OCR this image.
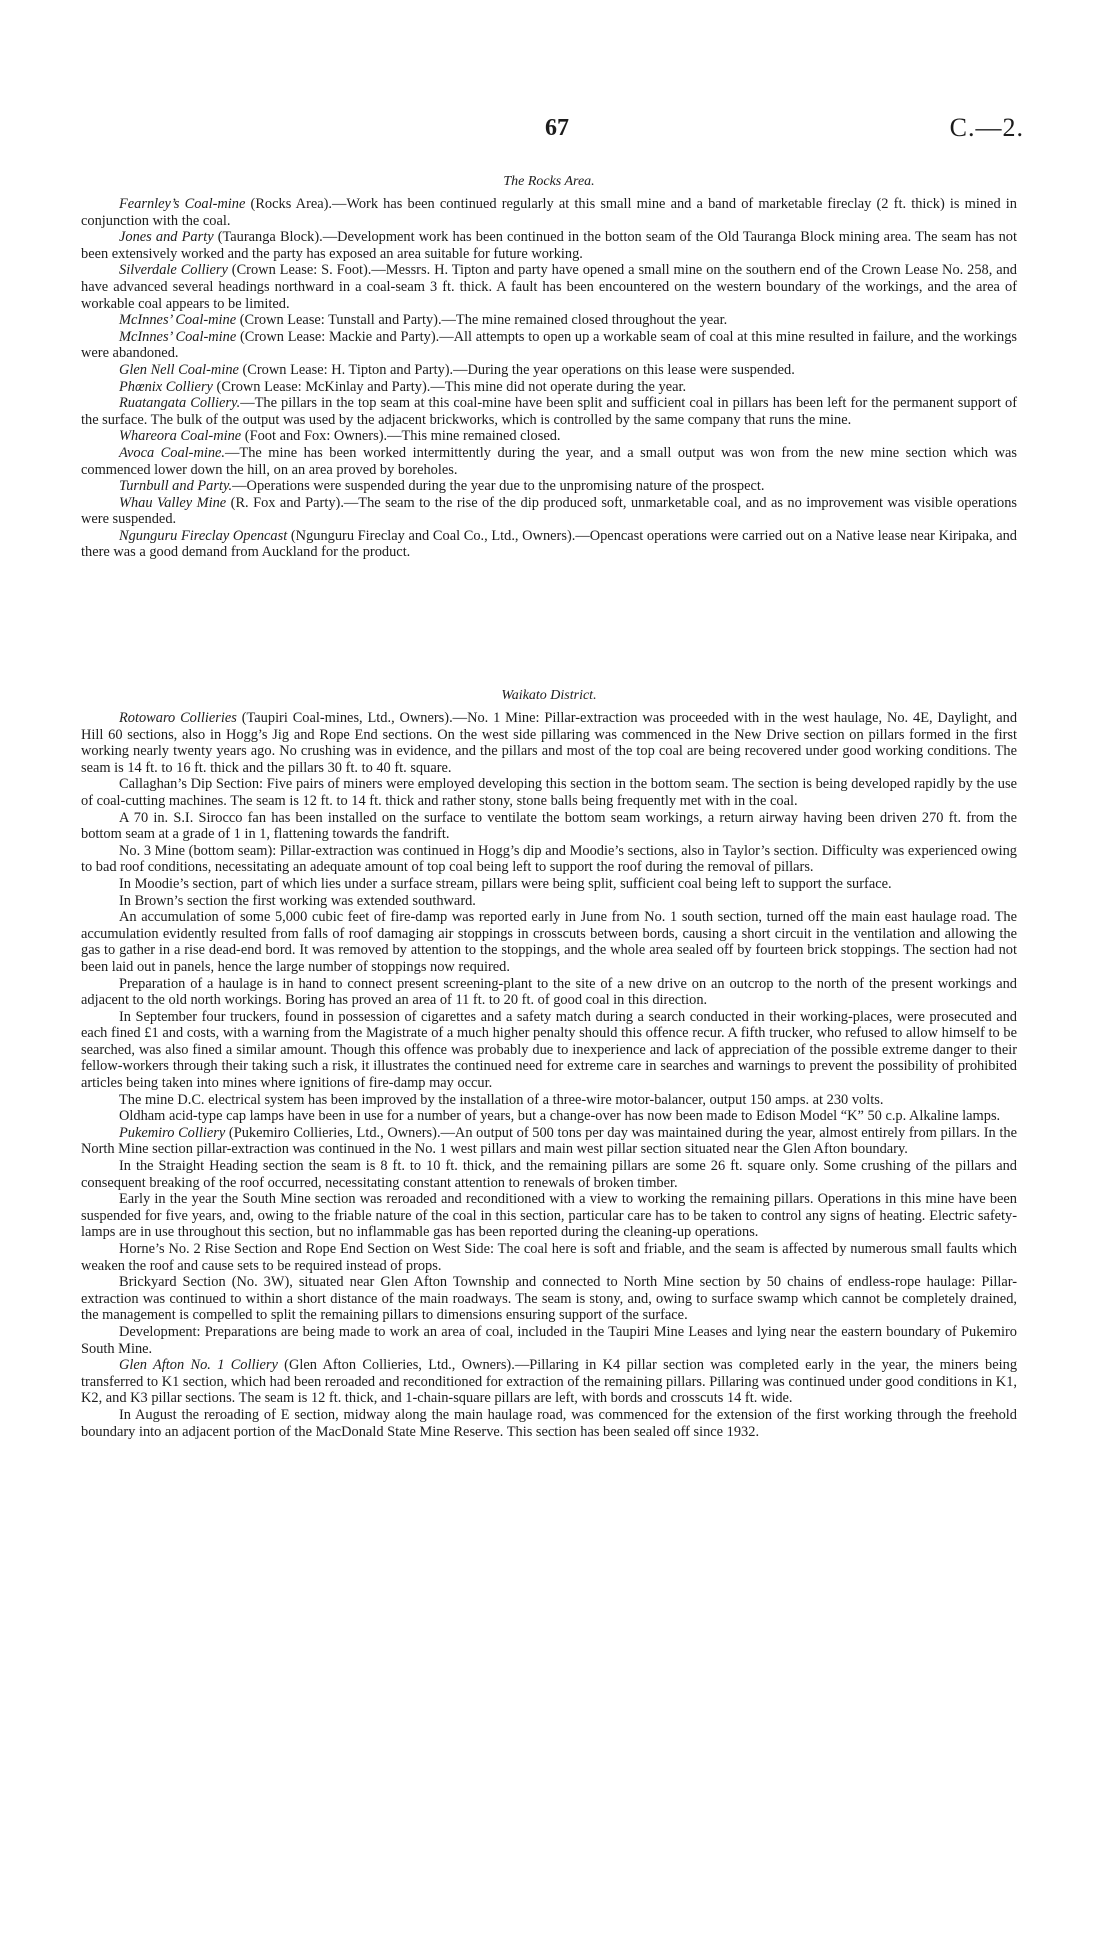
67	C.—2.
The Rocks Area.

Fearnley’s Coal-mine (Rocks Area).—Work has been continued regularly at this small mine and a band of marketable fireclay (2 ft. thick) is mined in conjunction with the coal.

Jones and Party (Tauranga Block).—Development work has been continued in the botton seam of the Old Tauranga Block mining area. The seam has not been extensively worked and the party has exposed an area suitable for future working.

Silverdale Colliery (Crown Lease: S. Foot).—Messrs. H. Tipton and party have opened a small mine on the southern end of the Crown Lease No. 258, and have advanced several headings northward in a coal-seam 3 ft. thick. A fault has been encountered on the western boundary of the workings, and the area of workable coal appears to be limited.

McInnes’ Coal-mine (Crown Lease: Tunstall and Party).—The mine remained closed throughout the year.

McInnes’ Coal-mine (Crown Lease: Mackie and Party).—All attempts to open up a workable seam of coal at this mine resulted in failure, and the workings were abandoned.

Glen Nell Coal-mine (Crown Lease: H. Tipton and Party).—During the year operations on this lease were suspended.

Phœnix Colliery (Crown Lease: McKinlay and Party).—This mine did not operate during the year.

Ruatangata Colliery.—The pillars in the top seam at this coal-mine have been split and sufficient coal in pillars has been left for the permanent support of the surface. The bulk of the output was used by the adjacent brickworks, which is controlled by the same company that runs the mine.

Whareora Coal-mine (Foot and Fox: Owners).—This mine remained closed.

Avoca Coal-mine.—The mine has been worked intermittently during the year, and a small output was won from the new mine section which was commenced lower down the hill, on an area proved by boreholes.

Turnbull and Party.—Operations were suspended during the year due to the unpromising nature of the prospect.

Whau Valley Mine (R. Fox and Party).—The seam to the rise of the dip produced soft, unmarketable coal, and as no improvement was visible operations were suspended.

Ngunguru Fireclay Opencast (Ngunguru Fireclay and Coal Co., Ltd., Owners).—Opencast operations were carried out on a Native lease near Kiripaka, and there was a good demand from Auckland for the product.

Waikato District.

Rotowaro Collieries (Taupiri Coal-mines, Ltd., Owners).—No. 1 Mine: Pillar-extraction was proceeded with in the west haulage, No. 4E, Daylight, and Hill 60 sections, also in Hogg’s Jig and Rope End sections. On the west side pillaring was commenced in the New Drive section on pillars formed in the first working nearly twenty years ago. No crushing was in evidence, and the pillars and most of the top coal are being recovered under good working conditions. The seam is 14 ft. to 16 ft. thick and the pillars 30 ft. to 40 ft. square.

Callaghan’s Dip Section: Five pairs of miners were employed developing this section in the bottom seam. The section is being developed rapidly by the use of coal-cutting machines. The seam is 12 ft. to 14 ft. thick and rather stony, stone balls being frequently met with in the coal.

A 70 in. S.I. Sirocco fan has been installed on the surface to ventilate the bottom seam workings, a return airway having been driven 270 ft. from the bottom seam at a grade of 1 in 1, flattening towards the fandrift.

No. 3 Mine (bottom seam): Pillar-extraction was continued in Hogg’s dip and Moodie’s sections, also in Taylor’s section. Difficulty was experienced owing to bad roof conditions, necessitating an adequate amount of top coal being left to support the roof during the removal of pillars.

In Moodie’s section, part of which lies under a surface stream, pillars were being split, sufficient coal being left to support the surface.

In Brown’s section the first working was extended southward.

An accumulation of some 5,000 cubic feet of fire-damp was reported early in June from No. 1 south section, turned off the main east haulage road. The accumulation evidently resulted from falls of roof damaging air stoppings in crosscuts between bords, causing a short circuit in the ventilation and allowing the gas to gather in a rise dead-end bord. It was removed by attention to the stoppings, and the whole area sealed off by fourteen brick stoppings. The section had not been laid out in panels, hence the large number of stoppings now required.

Preparation of a haulage is in hand to connect present screening-plant to the site of a new drive on an outcrop to the north of the present workings and adjacent to the old north workings. Boring has proved an area of 11 ft. to 20 ft. of good coal in this direction.

In September four truckers, found in possession of cigarettes and a safety match during a search conducted in their working-places, were prosecuted and each fined £1 and costs, with a warning from the Magistrate of a much higher penalty should this offence recur. A fifth trucker, who refused to allow himself to be searched, was also fined a similar amount. Though this offence was probably due to inexperience and lack of appreciation of the possible extreme danger to their fellow-workers through their taking such a risk, it illustrates the continued need for extreme care in searches and warnings to prevent the possibility of prohibited articles being taken into mines where ignitions of fire-damp may occur.

The mine D.C. electrical system has been improved by the installation of a three-wire motor-balancer, output 150 amps. at 230 volts.

Oldham acid-type cap lamps have been in use for a number of years, but a change-over has now been made to Edison Model “K” 50 c.p. Alkaline lamps.

Pukemiro Colliery (Pukemiro Collieries, Ltd., Owners).—An output of 500 tons per day was maintained during the year, almost entirely from pillars. In the North Mine section pillar-extraction was continued in the No. 1 west pillars and main west pillar section situated near the Glen Afton boundary.

In the Straight Heading section the seam is 8 ft. to 10 ft. thick, and the remaining pillars are some 26 ft. square only. Some crushing of the pillars and consequent breaking of the roof occurred, necessitating constant attention to renewals of broken timber.

Early in the year the South Mine section was reroaded and reconditioned with a view to working the remaining pillars. Operations in this mine have been suspended for five years, and, owing to the friable nature of the coal in this section, particular care has to be taken to control any signs of heating. Electric safety-lamps are in use throughout this section, but no inflammable gas has been reported during the cleaning-up operations.

Horne’s No. 2 Rise Section and Rope End Section on West Side: The coal here is soft and friable, and the seam is affected by numerous small faults which weaken the roof and cause sets to be required instead of props.

Brickyard Section (No. 3W), situated near Glen Afton Township and connected to North Mine section by 50 chains of endless-rope haulage: Pillar-extraction was continued to within a short distance of the main roadways. The seam is stony, and, owing to surface swamp which cannot be completely drained, the management is compelled to split the remaining pillars to dimensions ensuring support of the surface.

Development: Preparations are being made to work an area of coal, included in the Taupiri Mine Leases and lying near the eastern boundary of Pukemiro South Mine.

Glen Afton No. 1 Colliery (Glen Afton Collieries, Ltd., Owners).—Pillaring in K4 pillar section was completed early in the year, the miners being transferred to K1 section, which had been reroaded and reconditioned for extraction of the remaining pillars. Pillaring was continued under good conditions in K1, K2, and K3 pillar sections. The seam is 12 ft. thick, and 1-chain-square pillars are left, with bords and crosscuts 14 ft. wide.

In August the reroading of E section, midway along the main haulage road, was commenced for the extension of the first working through the freehold boundary into an adjacent portion of the MacDonald State Mine Reserve. This section has been sealed off since 1932.
